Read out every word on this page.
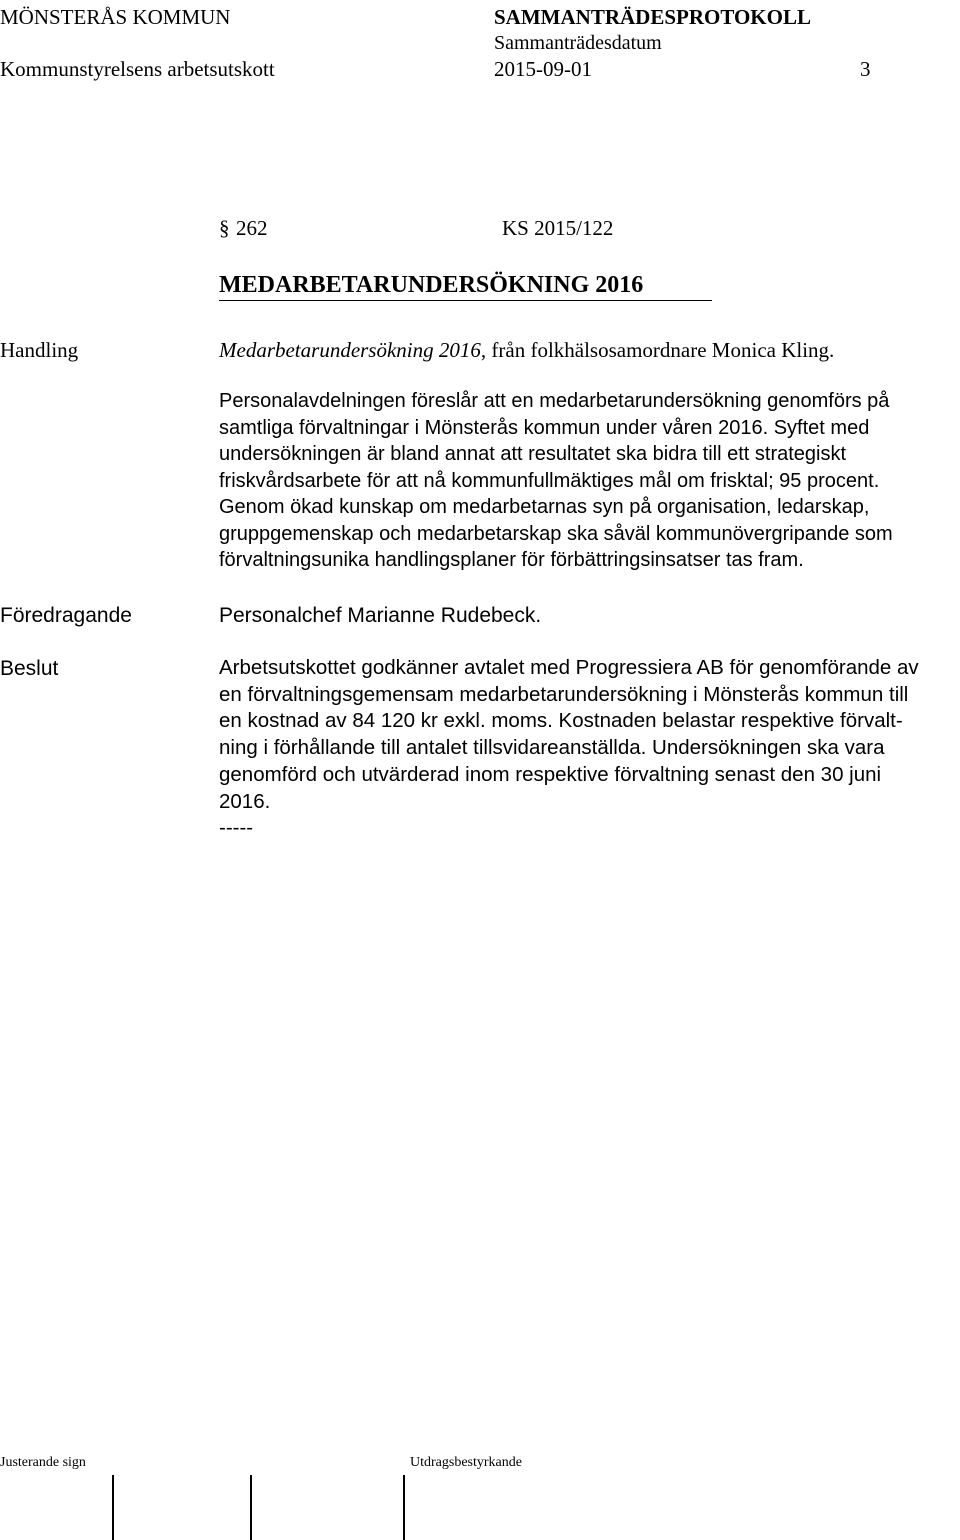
MÖNSTERÅS KOMMUN	SAMMANTRÄDESPROTOKOLL
Sammanträdesdatum
Kommunstyrelsens arbetsutskott	2015-09-01	3
§ 262	KS 2015/122
MEDARBETARUNDERSÖKNING 2016
Handling	Medarbetarundersökning 2016, från folkhälsosamordnare Monica Kling.
Personalavdelningen föreslår att en medarbetarundersökning genomförs på
samtliga förvaltningar i Mönsterås kommun under våren 2016. Syftet med
undersökningen är bland annat att resultatet ska bidra till ett strategiskt
friskvårdsarbete för att nå kommunfullmäktiges mål om frisktal; 95 procent.
Genom ökad kunskap om medarbetarnas syn på organisation, ledarskap,
gruppgemenskap och medarbetarskap ska såväl kommunövergripande som
förvaltningsunika handlingsplaner för förbättringsinsatser tas fram.
Föredragande	Personalchef Marianne Rudebeck.
Beslut	Arbetsutskottet godkänner avtalet med Progressiera AB för genomförande av
en förvaltningsgemensam medarbetarundersökning i Mönsterås kommun till
en kostnad av 84 120 kr exkl. moms. Kostnaden belastar respektive förvalt-
ning i förhållande till antalet tillsvidareanställda. Undersökningen ska vara
genomförd och utvärderad inom respektive förvaltning senast den 30 juni
2016.
-----
Justerande sign	Utdragsbestyrkande
